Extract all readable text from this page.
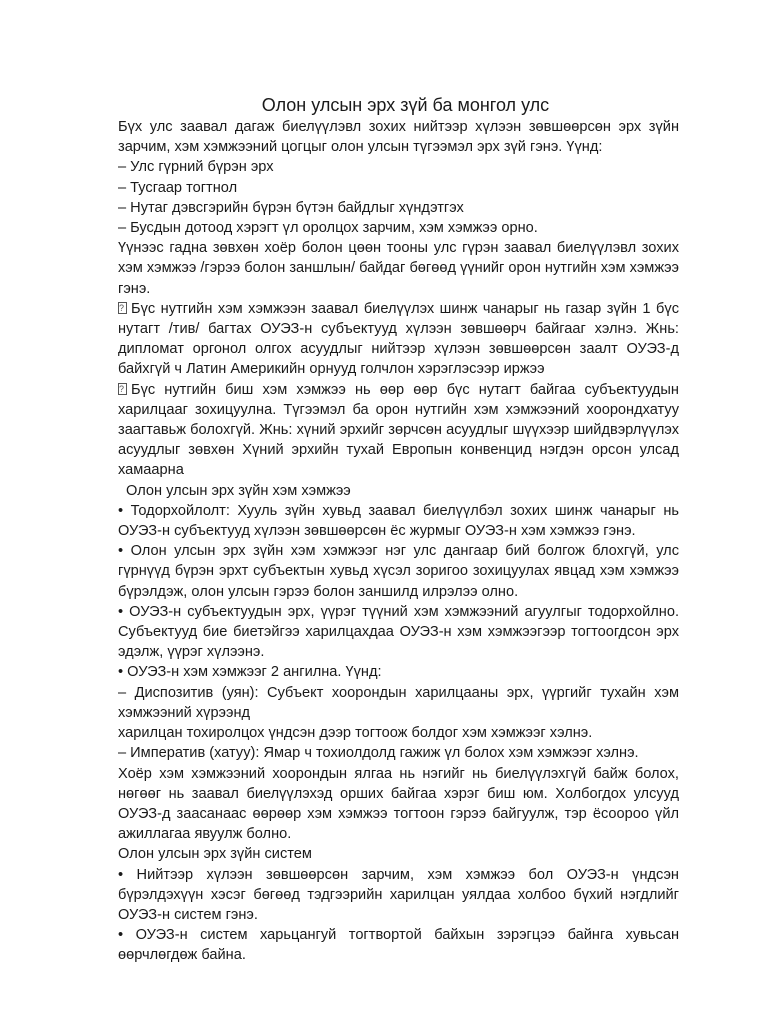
Олон улсын эрх зүй ба монгол улс

Бүх улс заавал дагаж биелүүлэвл зохих нийтээр хүлээн зөвшөөрсөн эрх зүйн зарчим, хэм хэмжээний цогцыг олон улсын түгээмэл эрх зүй гэнэ. Үүнд:

– Улс гүрний бүрэн эрх

– Тусгаар тогтнол

– Нутаг дэвсгэрийн бүрэн бүтэн байдлыг хүндэтгэх

– Бусдын дотоод хэрэгт үл оролцох зарчим, хэм хэмжээ орно.

Үүнээс гадна зөвхөн хоёр болон цөөн тооны улс гүрэн заавал биелүүлэвл зохих хэм хэмжээ /гэрээ болон заншлын/ байдаг бөгөөд үүнийг орон нутгийн хэм хэмжээ гэнэ.

?Бүс нутгийн хэм хэмжээн заавал биелүүлэх шинж чанарыг нь газар зүйн 1 бүс нутагт /тив/ багтах ОУЭЗ-н субъектууд хүлээн зөвшөөрч байгааг хэлнэ. Жнь: дипломат оргонол олгох асуудлыг нийтээр хүлээн зөвшөөрсөн заалт ОУЭЗ-д байхгүй ч Латин Америкийн орнууд голчлон хэрэглэсээр иржээ

?Бүс нутгийн биш хэм хэмжээ нь өөр өөр бүс нутагт байгаа субъектуудын харилцааг зохицуулна. Түгээмэл ба орон нутгийн хэм хэмжээний хоорондхатуу заагтавьж болохгүй. Жнь: хүний эрхийг зөрчсөн асуудлыг шүүхээр шийдвэрлүүлэх асуудлыг зөвхөн Хүний эрхийн тухай Европын конвенцид нэгдэн орсон улсад хамаарна

Олон улсын эрх зүйн хэм хэмжээ

• Тодорхойлолт: Хууль зүйн хувьд заавал биелүүлбэл зохих шинж чанарыг нь ОУЭЗ-н субъектууд хүлээн зөвшөөрсөн ёс журмыг ОУЭЗ-н хэм хэмжээ гэнэ.

• Олон улсын эрх зүйн хэм хэмжээг нэг улс дангаар бий болгож блохгүй, улс гүрнүүд бүрэн эрхт субъектын хувьд хүсэл зоригоо зохицуулах явцад хэм хэмжээ бүрэлдэж, олон улсын гэрээ болон заншилд илрэлээ олно.

• ОУЭЗ-н субъектуудын эрх, үүрэг түүний хэм хэмжээний агуулгыг тодорхойлно. Субъектууд бие биетэйгээ харилцахдаа ОУЭЗ-н хэм хэмжээгээр тогтоогдсон эрх эдэлж, үүрэг хүлээнэ.

• ОУЭЗ-н хэм хэмжээг 2 ангилна. Үүнд:

– Диспозитив (уян): Субъект хоорондын харилцааны эрх, үүргийг тухайн хэм хэмжээний хүрээнд

харилцан тохиролцох үндсэн дээр тогтоож болдог хэм хэмжээг хэлнэ.

– Императив (хатуу): Ямар ч тохиолдолд гажиж үл болох хэм хэмжээг хэлнэ.

Хоёр хэм хэмжээний хоорондын ялгаа нь нэгийг нь биелүүлэхгүй байж болох, нөгөөг нь заавал биелүүлэхэд орших байгаа хэрэг биш юм. Холбогдох улсууд ОУЭЗ-д заасанаас өөрөөр хэм хэмжээ тогтоон гэрээ байгуулж, тэр ёсоороо үйл ажиллагаа явуулж болно.

Олон улсын эрх зүйн систем

• Нийтээр хүлээн зөвшөөрсөн зарчим, хэм хэмжээ бол ОУЭЗ-н үндсэн бүрэлдэхүүн хэсэг бөгөөд тэдгээрийн харилцан уялдаа холбоо бүхий нэгдлийг ОУЭЗ-н систем гэнэ.

• ОУЭЗ-н систем харьцангуй тогтвортой байхын зэрэгцээ байнга хувьсан өөрчлөгдөж байна.
